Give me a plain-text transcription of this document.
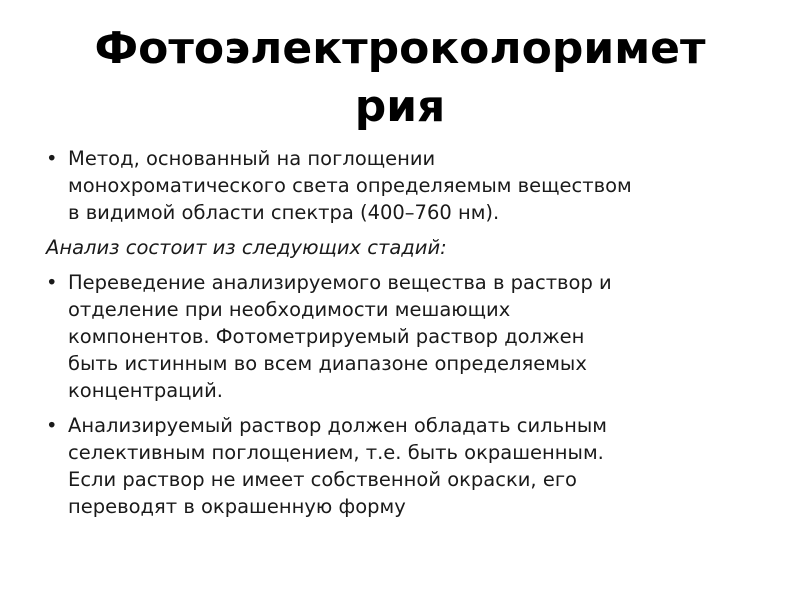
Фотоэлектроколоримет
рия
• Метод, основанный на поглощении
монохроматического света определяемым веществом
в видимой области спектра (400–760 нм).
Анализ состоит из следующих стадий:
• Переведение анализируемого вещества в раствор и
отделение при необходимости мешающих
компонентов. Фотометрируемый раствор должен
быть истинным во всем диапазоне определяемых
концентраций.
• Анализируемый раствор должен обладать сильным
селективным поглощением, т.е. быть окрашенным.
Если раствор не имеет собственной окраски, его
переводят в окрашенную форму
